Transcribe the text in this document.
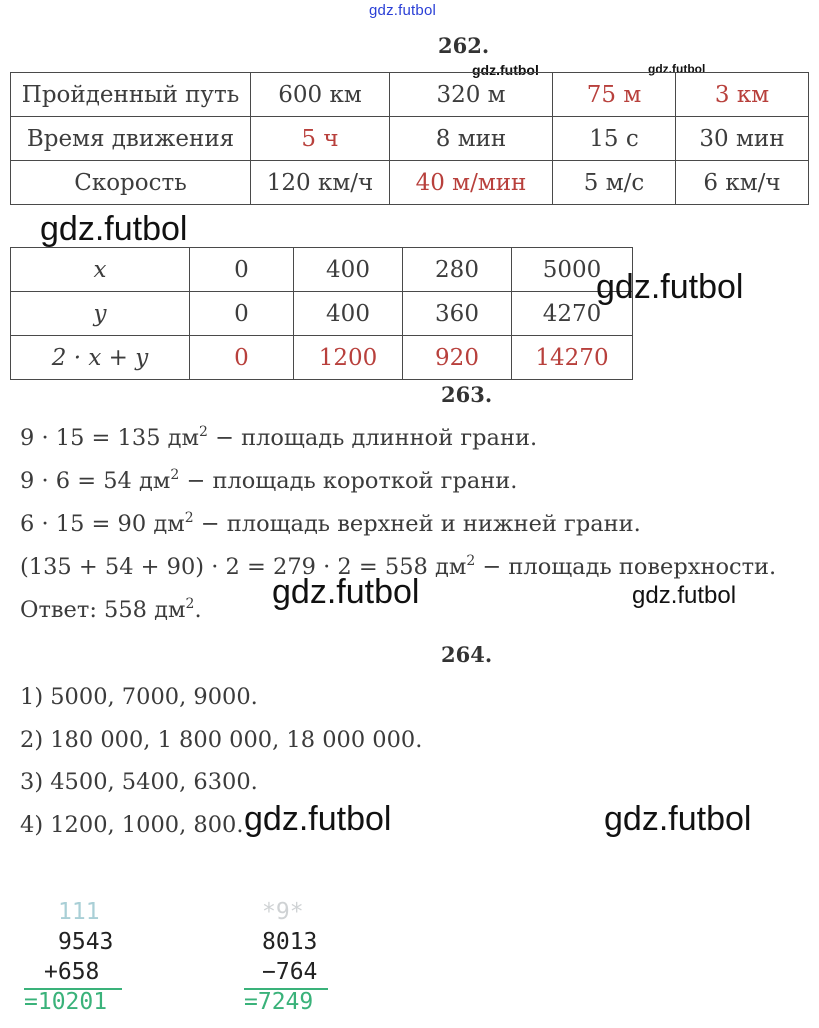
gdz.futbol
gdz.futbol	gdz.futbol
262.
Пройденный путь	600 км	320 м	75 м	3 км
Время движения	5 ч	8 мин	15 с	30 мин
Скорость	120 км/ч	40 м/мин	5 м/с	6 км/ч
gdz.futbol
x	0	400	280	5000
y	0	400	360	4270
2 · x + y	0	1200	920	14270
gdz.futbol
263.
9 · 15 = 135 $дм^2$ − площадь длинной грани.
9 · 6 = 54 $дм^2$ − площадь короткой грани.
6 · 15 = 90 $дм^2$ − площадь верхней и нижней грани.
(135 + 54 + 90) · 2 = 279 · 2 = 558 $дм^2$ − площадь поверхности.
Ответ: 558 $дм^2$. gdz.futbol	gdz.futbol
264.
1) 5000, 7000, 9000.
2) 180 000, 1 800 000, 18 000 000.
3) 4500, 5400, 6300.
4) 1200, 1000, 800. gdz.futbol	gdz.futbol
111
9543
+658
=10201
*9*
8013
−764
=7249
